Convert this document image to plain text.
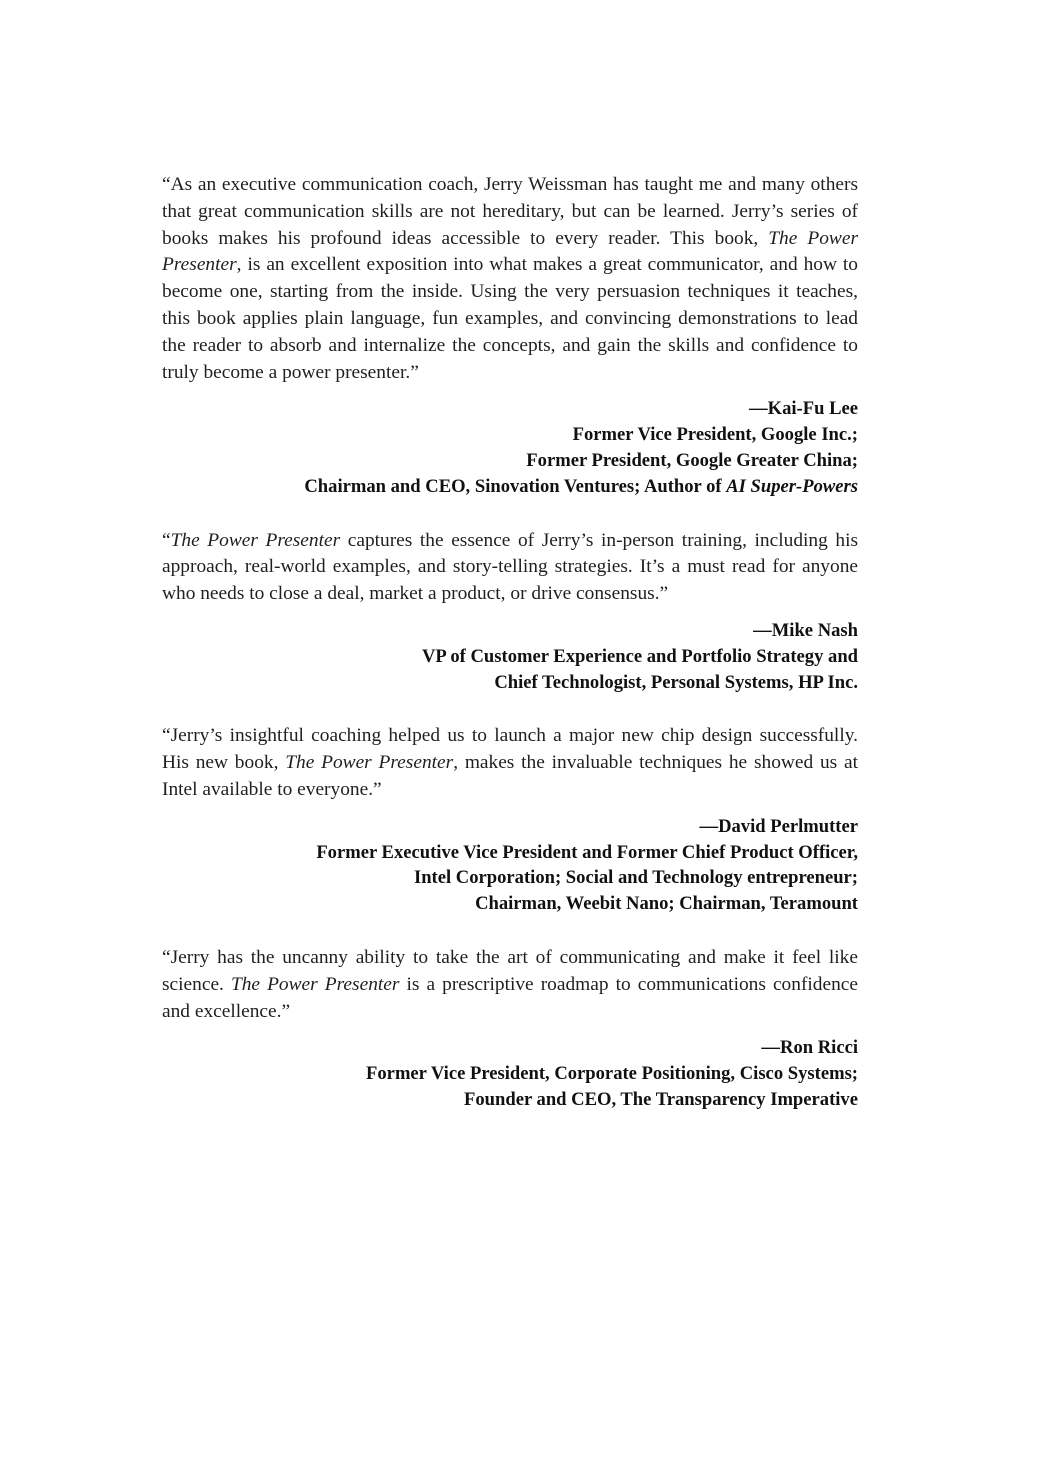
“As an executive communication coach, Jerry Weissman has taught me and many others that great communication skills are not hereditary, but can be learned. Jerry’s series of books makes his profound ideas accessible to every reader. This book, The Power Presenter, is an excellent exposition into what makes a great communicator, and how to become one, starting from the inside. Using the very persuasion techniques it teaches, this book applies plain language, fun examples, and convincing demonstrations to lead the reader to absorb and internalize the concepts, and gain the skills and confidence to truly become a power presenter.”

—Kai-Fu Lee
Former Vice President, Google Inc.;
Former President, Google Greater China;
Chairman and CEO, Sinovation Ventures; Author of AI Super-Powers

“The Power Presenter captures the essence of Jerry’s in-person training, including his approach, real-world examples, and story-telling strategies. It’s a must read for anyone who needs to close a deal, market a product, or drive consensus.”

—Mike Nash
VP of Customer Experience and Portfolio Strategy and
Chief Technologist, Personal Systems, HP Inc.

“Jerry’s insightful coaching helped us to launch a major new chip design successfully. His new book, The Power Presenter, makes the invaluable techniques he showed us at Intel available to everyone.”

—David Perlmutter
Former Executive Vice President and Former Chief Product Officer,
Intel Corporation; Social and Technology entrepreneur;
Chairman, Weebit Nano; Chairman, Teramount

“Jerry has the uncanny ability to take the art of communicating and make it feel like science. The Power Presenter is a prescriptive roadmap to communications confidence and excellence.”

—Ron Ricci
Former Vice President, Corporate Positioning, Cisco Systems;
Founder and CEO, The Transparency Imperative
